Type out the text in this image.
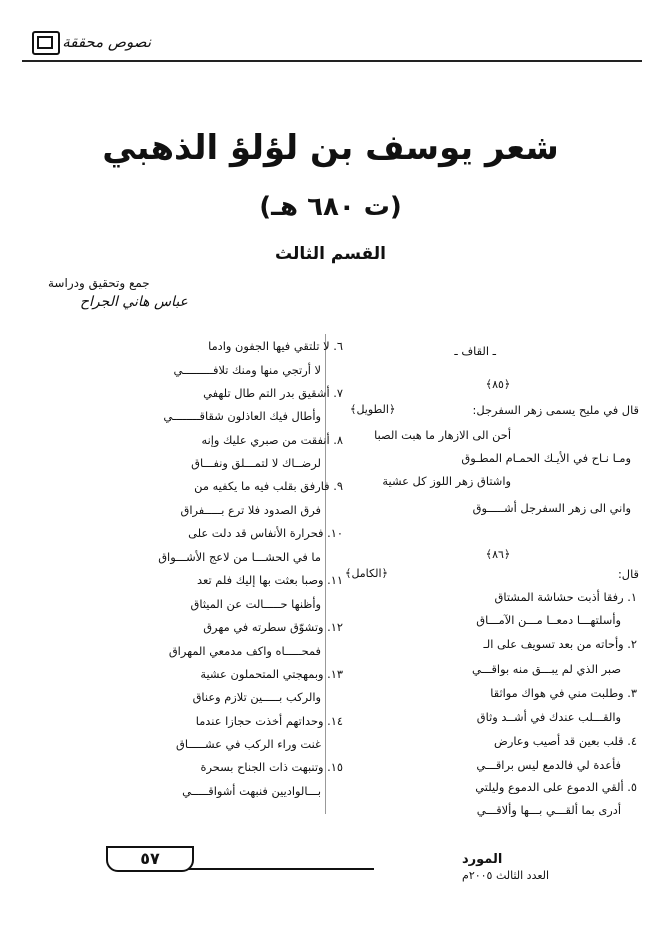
نصوص محققة
شعر يوسف بن لؤلؤ الذهبي
(ت ٦٨٠ هـ)
القسم الثالث
جمع وتحقيق ودراسة
عباس هاني الجراح
ـ القاف ـ
﴿٨٥﴾
قال في مليح يسمى زهر السفرجل:
﴿الطويل﴾
أحن الى الازهار ما هبت الصبا
ومـا نـاح في الأيـك الحمـام المطـوق
واشتاق زهر اللوز كل عشية
واني الى زهر السفرجل أشـــــوق
﴿٨٦﴾
قال:
﴿الكامل﴾
١. رفقا أذبت حشاشة المشتاق
وأسلتهـــا دمعــا مـــن الآمـــاق
٢. وأحاته من بعد تسويف على الـ
صبر الذي لم يبـــق منه بواقـــي
٣. وطلبت مني في هواك مواثقا
والقـــلب عندك في أشــد وثاق
٤. قلب بعين قد أصيب وعارض
فأعدة لي فالدمع ليس براقـــي
٥. ألقي الدموع على الدموع وليلتي
أدرى بما ألقـــي بـــها وألاقـــي
٦. لا تلتقي فيها الجفون وادما
لا أرتجي منها ومنك تلافـــــــــي
٧. أشقيق بدر التم طال تلهفي
وأطال فيك العاذلون شقاقــــــــي
٨. أنفقت من صبري عليك وإنه
لرضــاك لا لتمـــلق ونفـــاق
٩. فارفق بقلب فيه ما يكفيه من
فرق الصدود فلا ترع بـــــفراق
١٠. فحرارة الأنفاس قد دلت على
ما في الحشـــا من لاعج الأشـــواق
١١. وصبا بعثت بها إليك فلم تعد
وأظنها حـــــالت عن الميثاق
١٢. وتشوّق سطرته في مهرق
فمحـــــاه واكف مدمعي المهراق
١٣. وبمهجتي المتحملون عشية
والركب بـــــين تلازم وعناق
١٤. وحداتهم أخذت حجازا عندما
غنت وراء الركب في عشـــــاق
١٥. وتنبهت ذات الجناح بسحرة
بـــالواديين فنبهت أشواقـــــي
٥٧	المورد
العدد الثالث ٢٠٠٥م
